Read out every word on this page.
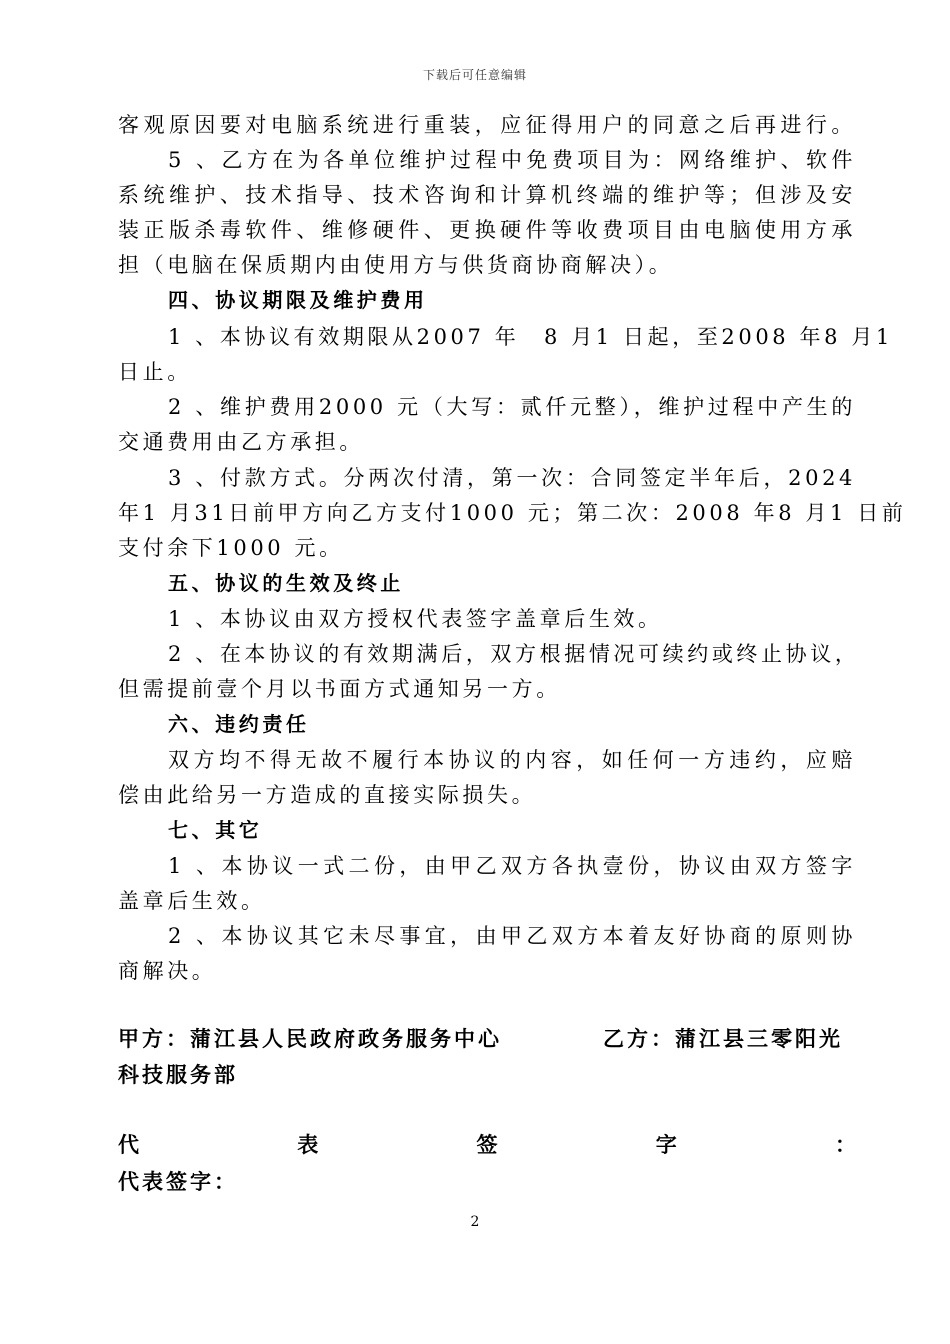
下载后可任意编辑
客观原因要对电脑系统进行重装，应征得用户的同意之后再进行。
5 、乙方在为各单位维护过程中免费项目为：网络维护、软件
系统维护、技术指导、技术咨询和计算机终端的维护等；但涉及安
装正版杀毒软件、维修硬件、更换硬件等收费项目由电脑使用方承
担（电脑在保质期内由使用方与供货商协商解决）。
四、协议期限及维护费用
1 、本协议有效期限从2007 年　8 月1 日起，至2008 年8 月1
日止。
2 、维护费用2000 元（大写：贰仟元整），维护过程中产生的
交通费用由乙方承担。
3 、付款方式。分两次付清，第一次：合同签定半年后，2024
年1 月31日前甲方向乙方支付1000 元；第二次：2008 年8 月1 日前
支付余下1000 元。
五、协议的生效及终止
1 、本协议由双方授权代表签字盖章后生效。
2 、在本协议的有效期满后，双方根据情况可续约或终止协议，
但需提前壹个月以书面方式通知另一方。
六、违约责任
双方均不得无故不履行本协议的内容，如任何一方违约，应赔
偿由此给另一方造成的直接实际损失。
七、其它
1 、本协议一式二份，由甲乙双方各执壹份，协议由双方签字
盖章后生效。
2 、本协议其它未尽事宜，由甲乙双方本着友好协商的原则协
商解决。
甲方：蒲江县人民政府政务服务中心	乙方：蒲江县三零阳光
科技服务部
代	表	签	字	：
代表签字：
2
